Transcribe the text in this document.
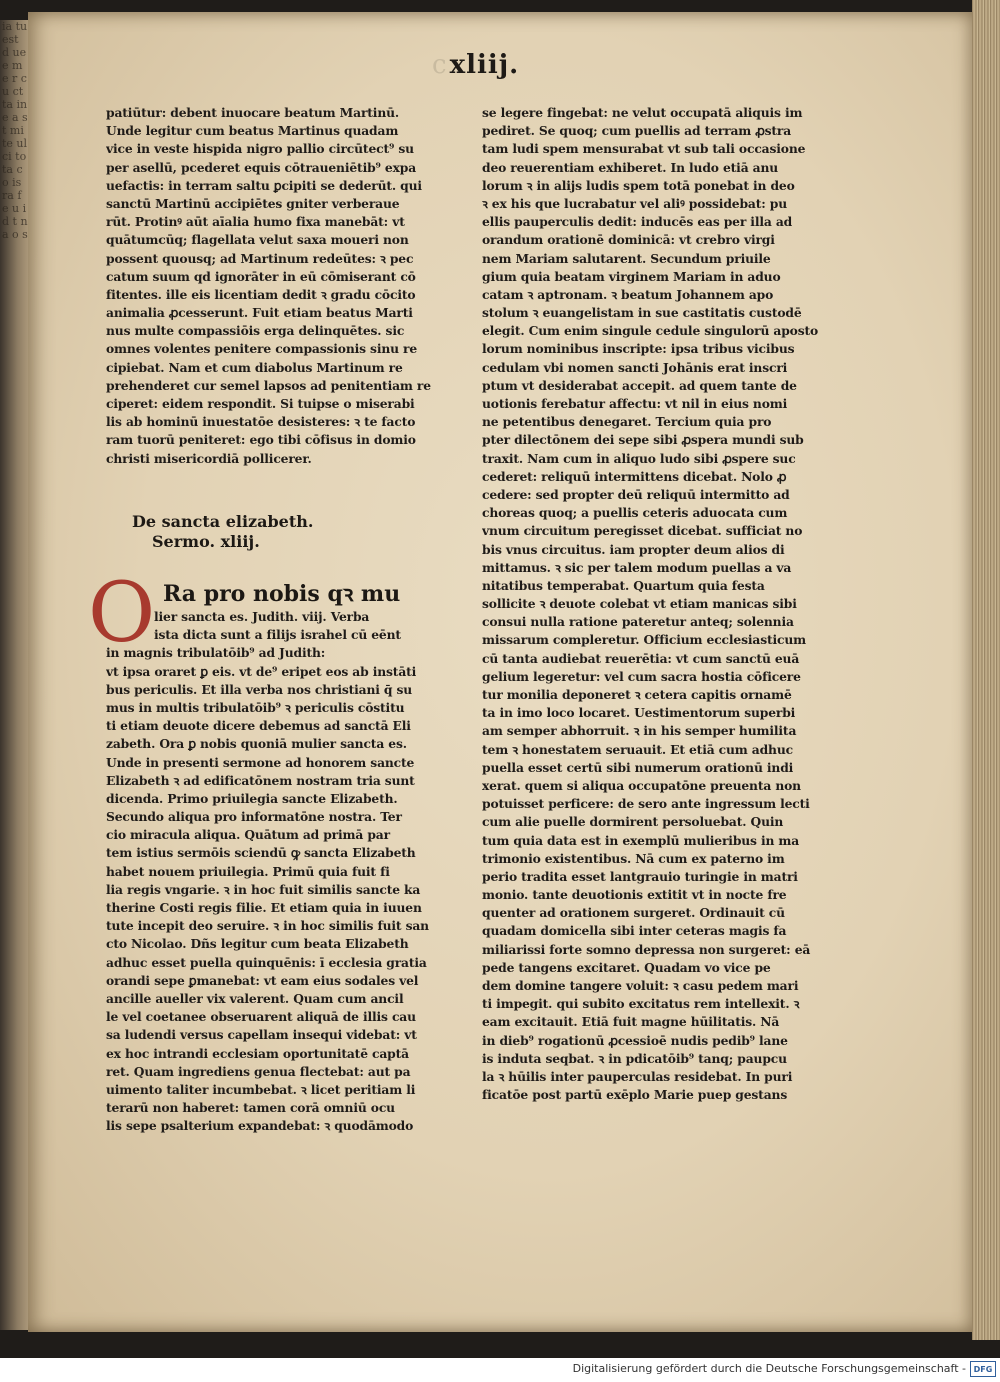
ia tu est d ue e me r cu ct ta ine a st mi te ul ci to ta co is ra f e u i d t n a o s
cxliij.
patiūtur: debent inuocare beatum Martinū.
Unde legitur cum beatus Martinus quadam
vice in veste hispida nigro pallio circūtect⁹ su
per asellū, pcederet equis cōtraueniētib⁹ expa
uefactis: in terram saltu ꝑcipiti se dederūt. qui
sanctū Martinū accipiētes gniter verberaue
rūt. Protinꝰ aūt aīalia humo fixa manebāt: vt
quātumcūq; flagellata velut saxa moueri non
possent quousq; ad Martinum redeūtes: ꝛ pec
catum suum qd ignorāter in eū cōmiserant cō
fitentes. ille eis licentiam dedit ꝛ gradu cōcito
animalia ꝓcesserunt. Fuit etiam beatus Marti
nus multe compassiōis erga delinquētes. sic
omnes volentes penitere compassionis sinu re
cipiebat. Nam et cum diabolus Martinum re
prehenderet cur semel lapsos ad penitentiam re
ciperet: eidem respondit. Si tuipse o miserabi
lis ab hominū inuestatōe desisteres: ꝛ te facto
ram tuorū peniteret: ego tibi cōfisus in domio
christi misericordiā pollicerer.
De sancta elizabeth.
Sermo. xliij.
O Ra pro nobis qꝛ mu
lier sancta es. Judith. viij. Verba
ista dicta sunt a filijs israhel cū eēnt
in magnis tribulatōib⁹ ad Judith:
vt ipsa oraret ꝑ eis. vt de⁹ eripet eos ab instāti
bus periculis. Et illa verba nos christiani q̄ su
mus in multis tribulatōib⁹ ꝛ periculis cōstitu
ti etiam deuote dicere debemus ad sanctā Eli
zabeth. Ora ꝑ nobis quoniā mulier sancta es.
Unde in presenti sermone ad honorem sancte
Elizabeth ꝛ ad edificatōnem nostram tria sunt
dicenda. Primo priuilegia sancte Elizabeth.
Secundo aliqua pro informatōne nostra. Ter
cio miracula aliqua. Quātum ad primā par
tem istius sermōis sciendū ꝙ sancta Elizabeth
habet nouem priuilegia. Primū quia fuit fi
lia regis vngarie. ꝛ in hoc fuit similis sancte ka
therine Costi regis filie. Et etiam quia in iuuen
tute incepit deo seruire. ꝛ in hoc similis fuit san
cto Nicolao. Dñs legitur cum beata Elizabeth
adhuc esset puella quinquēnis: ī ecclesia gratia
orandi sepe ꝑmanebat: vt eam eius sodales vel
ancille aueller vix valerent. Quam cum ancil
le vel coetanee obseruarent aliquā de illis cau
sa ludendi versus capellam insequi videbat: vt
ex hoc intrandi ecclesiam oportunitatē captā
ret. Quam ingrediens genua flectebat: aut pa
uimento taliter incumbebat. ꝛ licet peritiam li
terarū non haberet: tamen corā omniū ocu
lis sepe psalterium expandebat: ꝛ quodāmodo
se legere fingebat: ne velut occupatā aliquis im
pediret. Se quoq; cum puellis ad terram ꝓstra
tam ludi spem mensurabat vt sub tali occasione
deo reuerentiam exhiberet. In ludo etiā anu
lorum ꝛ in alijs ludis spem totā ponebat in deo
ꝛ ex his que lucrabatur vel aliꝰ possidebat: pu
ellis pauperculis dedit: inducēs eas per illa ad
orandum orationē dominicā: vt crebro virgi
nem Mariam salutarent. Secundum priuile
gium quia beatam virginem Mariam in aduo
catam ꝛ aptronam. ꝛ beatum Johannem apo
stolum ꝛ euangelistam in sue castitatis custodē
elegit. Cum enim singule cedule singulorū aposto
lorum nominibus inscripte: ipsa tribus vicibus
cedulam vbi nomen sancti Johānis erat inscri
ptum vt desiderabat accepit. ad quem tante de
uotionis ferebatur affectu: vt nil in eius nomi
ne petentibus denegaret. Tercium quia pro
pter dilectōnem dei sepe sibi ꝓspera mundi sub
traxit. Nam cum in aliquo ludo sibi ꝓspere suc
cederet: reliquū intermittens dicebat. Nolo ꝓ
cedere: sed propter deū reliquū intermitto ad
choreas quoq; a puellis ceteris aduocata cum
vnum circuitum peregisset dicebat. sufficiat no
bis vnus circuitus. iam propter deum alios di
mittamus. ꝛ sic per talem modum puellas a va
nitatibus temperabat. Quartum quia festa
sollicite ꝛ deuote colebat vt etiam manicas sibi
consui nulla ratione pateretur anteq; solennia
missarum compleretur. Officium ecclesiasticum
cū tanta audiebat reuerētia: vt cum sanctū euā
gelium legeretur: vel cum sacra hostia cōficere
tur monilia deponeret ꝛ cetera capitis ornamē
ta in imo loco locaret. Uestimentorum superbi
am semper abhorruit. ꝛ in his semper humilita
tem ꝛ honestatem seruauit. Et etiā cum adhuc
puella esset certū sibi numerum orationū indi
xerat. quem si aliqua occupatōne preuenta non
potuisset perficere: de sero ante ingressum lecti
cum alie puelle dormirent persoluebat. Quin
tum quia data est in exemplū mulieribus in ma
trimonio existentibus. Nā cum ex paterno im
perio tradita esset lantgrauio turingie in matri
monio. tante deuotionis extitit vt in nocte fre
quenter ad orationem surgeret. Ordinauit cū
quadam domicella sibi inter ceteras magis fa
miliarissi forte somno depressa non surgeret: eā
pede tangens excitaret. Quadam vo vice pe
dem domine tangere voluit: ꝛ casu pedem mari
ti impegit. qui subito excitatus rem intellexit. ꝛ
eam excitauit. Etiā fuit magne hūilitatis. Nā
in dieb⁹ rogationū ꝓcessioē nudis pedib⁹ lane
is induta seqbat. ꝛ in pdicatōib⁹ tanq; paupcu
la ꝛ hūilis inter pauperculas residebat. In puri
ficatōe post partū exēplo Marie puep gestans
Digitalisierung gefördert durch die Deutsche Forschungsgemeinschaft - DFG
